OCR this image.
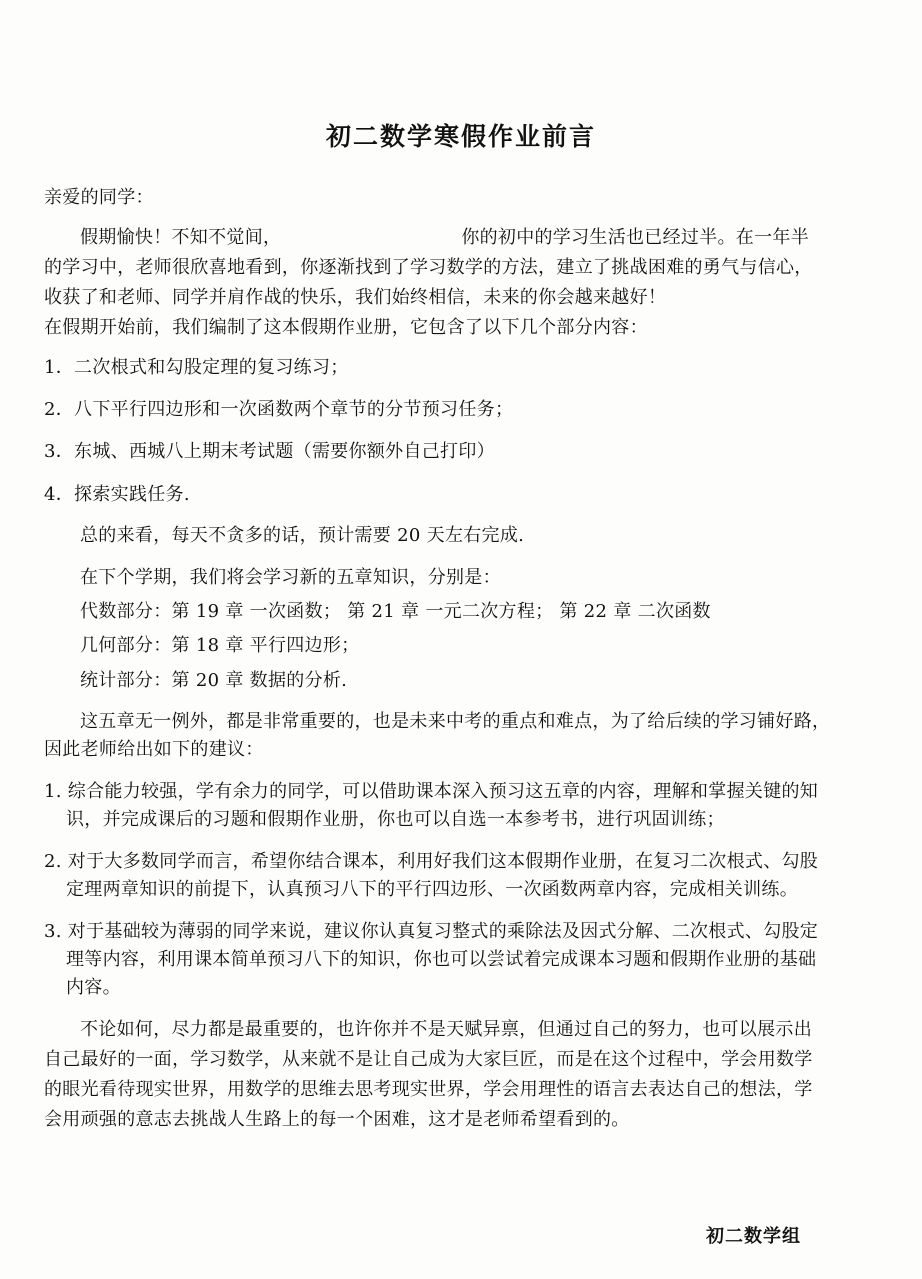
初二数学寒假作业前言
亲爱的同学：
假期愉快！不知不觉间，	你的初中的学习生活也已经过半。在一年半
的学习中，老师很欣喜地看到，你逐渐找到了学习数学的方法，建立了挑战困难的勇气与信心，
收获了和老师、同学并肩作战的快乐，我们始终相信，未来的你会越来越好！
在假期开始前，我们编制了这本假期作业册，它包含了以下几个部分内容：
1．二次根式和勾股定理的复习练习；
2．八下平行四边形和一次函数两个章节的分节预习任务；
3．东城、西城八上期末考试题（需要你额外自己打印）
4．探索实践任务.
总的来看，每天不贪多的话，预计需要 20 天左右完成.
在下个学期，我们将会学习新的五章知识，分别是：
代数部分：第 19 章 一次函数； 第 21 章 一元二次方程； 第 22 章 二次函数
几何部分：第 18 章 平行四边形；
统计部分：第 20 章 数据的分析.
这五章无一例外，都是非常重要的，也是未来中考的重点和难点，为了给后续的学习铺好路，
因此老师给出如下的建议：
1. 综合能力较强，学有余力的同学，可以借助课本深入预习这五章的内容，理解和掌握关键的知
识，并完成课后的习题和假期作业册，你也可以自选一本参考书，进行巩固训练；
2. 对于大多数同学而言，希望你结合课本，利用好我们这本假期作业册，在复习二次根式、勾股
定理两章知识的前提下，认真预习八下的平行四边形、一次函数两章内容，完成相关训练。
3. 对于基础较为薄弱的同学来说，建议你认真复习整式的乘除法及因式分解、二次根式、勾股定
理等内容，利用课本简单预习八下的知识，你也可以尝试着完成课本习题和假期作业册的基础
内容。
不论如何，尽力都是最重要的，也许你并不是天赋异禀，但通过自己的努力，也可以展示出
自己最好的一面，学习数学，从来就不是让自己成为大家巨匠，而是在这个过程中，学会用数学
的眼光看待现实世界，用数学的思维去思考现实世界，学会用理性的语言去表达自己的想法，学
会用顽强的意志去挑战人生路上的每一个困难，这才是老师希望看到的。
初二数学组
